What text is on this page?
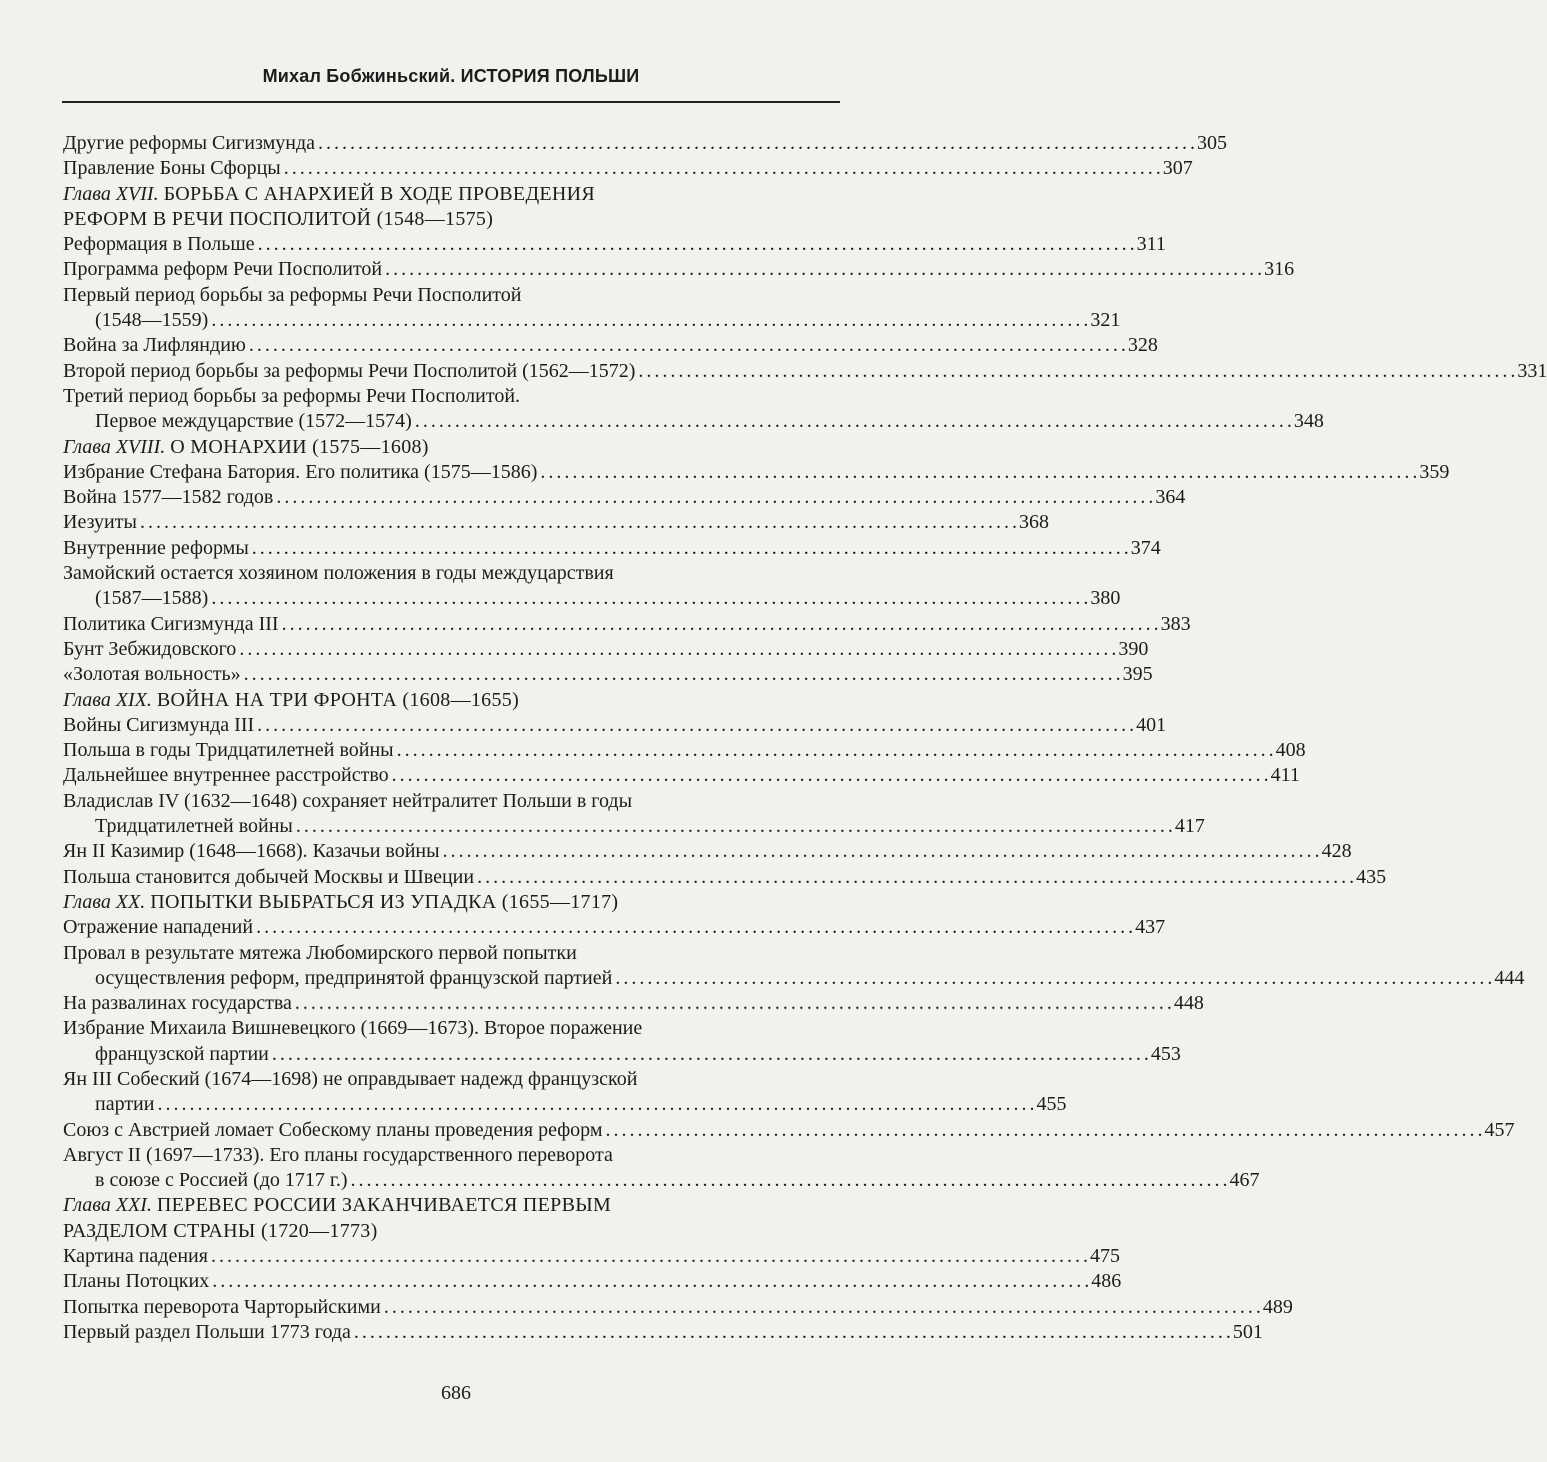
Михал Бобжиньский. ИСТОРИЯ ПОЛЬШИ
Другие реформы Сигизмунда . . .	305
Правление Боны Сфорцы . . .	307
Глава XVII.
БОРЬБА С АНАРХИЕЙ В ХОДЕ ПРОВЕДЕНИЯ
РЕФОРМ В РЕЧИ ПОСПОЛИТОЙ (1548—1575)
Реформация в Польше . . .	311
Программа реформ Речи Посполитой . . .	316
Первый период борьбы за реформы Речи Посполитой
(1548—1559) . . .	321
Война за Лифляндию . . .	328
Второй период борьбы за реформы Речи Посполитой (1562—1572) . . .	331
Третий период борьбы за реформы Речи Посполитой.
Первое междуцарствие (1572—1574) . . .	348
Глава XVIII.
О МОНАРХИИ (1575—1608)
Избрание Стефана Батория. Его политика (1575—1586) . . .	359
Война 1577—1582 годов . . .	364
Иезуиты . . .	368
Внутренние реформы . . .	374
Замойский остается хозяином положения в годы междуцарствия
(1587—1588) . . .	380
Политика Сигизмунда III . . .	383
Бунт Зебжидовского . . .	390
«Золотая вольность» . . .	395
Глава XIX.
ВОЙНА НА ТРИ ФРОНТА (1608—1655)
Войны Сигизмунда III . . .	401
Польша в годы Тридцатилетней войны . . .	408
Дальнейшее внутреннее расстройство . . .	411
Владислав IV (1632—1648) сохраняет нейтралитет Польши в годы
Тридцатилетней войны . . .	417
Ян II Казимир (1648—1668). Казачьи войны . . .	428
Польша становится добычей Москвы и Швеции . . .	435
Глава XX.
ПОПЫТКИ ВЫБРАТЬСЯ ИЗ УПАДКА (1655—1717)
Отражение нападений . . .	437
Провал в результате мятежа Любомирского первой попытки
осуществления реформ, предпринятой французской партией . . .	444
На развалинах государства . . .	448
Избрание Михаила Вишневецкого (1669—1673). Второе поражение
французской партии . . .	453
Ян III Собеский (1674—1698) не оправдывает надежд французской
партии . . .	455
Союз с Австрией ломает Собескому планы проведения реформ . . .	457
Август II (1697—1733). Его планы государственного переворота
в союзе с Россией (до 1717 г.) . . .	467
Глава XXI.
ПЕРЕВЕС РОССИИ ЗАКАНЧИВАЕТСЯ ПЕРВЫМ
РАЗДЕЛОМ СТРАНЫ (1720—1773)
Картина падения . . .	475
Планы Потоцких . . .	486
Попытка переворота Чарторыйскими . . .	489
Первый раздел Польши 1773 года . . .	501
686
